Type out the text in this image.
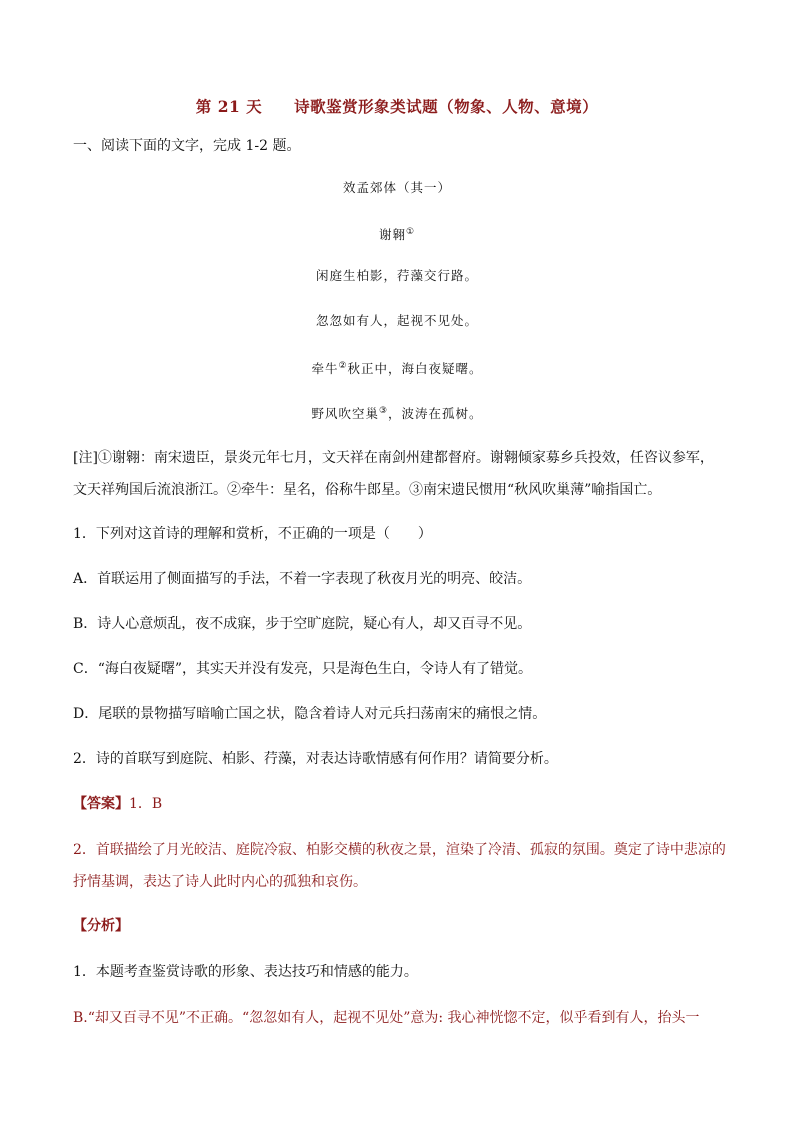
第 21 天 诗歌鉴赏形象类试题（物象、人物、意境）
一、阅读下面的文字，完成 1-2 题。
效孟郊体（其一）
谢翱①
闲庭生柏影，荇藻交行路。
忽忽如有人，起视不见处。
牵牛②秋正中，海白夜疑曙。
野风吹空巢③，波涛在孤树。
[注]①谢翱：南宋遗臣，景炎元年七月，文天祥在南剑州建都督府。谢翱倾家募乡兵投效，任咨议参军，
文天祥殉国后流浪浙江。②牵牛：星名，俗称牛郎星。③南宋遗民惯用“秋风吹巢薄”喻指国亡。
1．下列对这首诗的理解和赏析，不正确的一项是（　　）
A．首联运用了侧面描写的手法，不着一字表现了秋夜月光的明亮、皎洁。
B．诗人心意烦乱，夜不成寐，步于空旷庭院，疑心有人，却又百寻不见。
C．“海白夜疑曙”，其实天并没有发亮，只是海色生白，令诗人有了错觉。
D．尾联的景物描写暗喻亡国之状，隐含着诗人对元兵扫荡南宋的痛恨之情。
2．诗的首联写到庭院、柏影、荇藻，对表达诗歌情感有何作用？请简要分析。
【答案】1．B
2．首联描绘了月光皎洁、庭院冷寂、柏影交横的秋夜之景，渲染了冷清、孤寂的氛围。奠定了诗中悲凉的
抒情基调，表达了诗人此时内心的孤独和哀伤。
【分析】
1．本题考查鉴赏诗歌的形象、表达技巧和情感的能力。
B.“却又百寻不见”不正确。“忽忽如有人，起视不见处”意为: 我心神恍惚不定，似乎看到有人，抬头一
